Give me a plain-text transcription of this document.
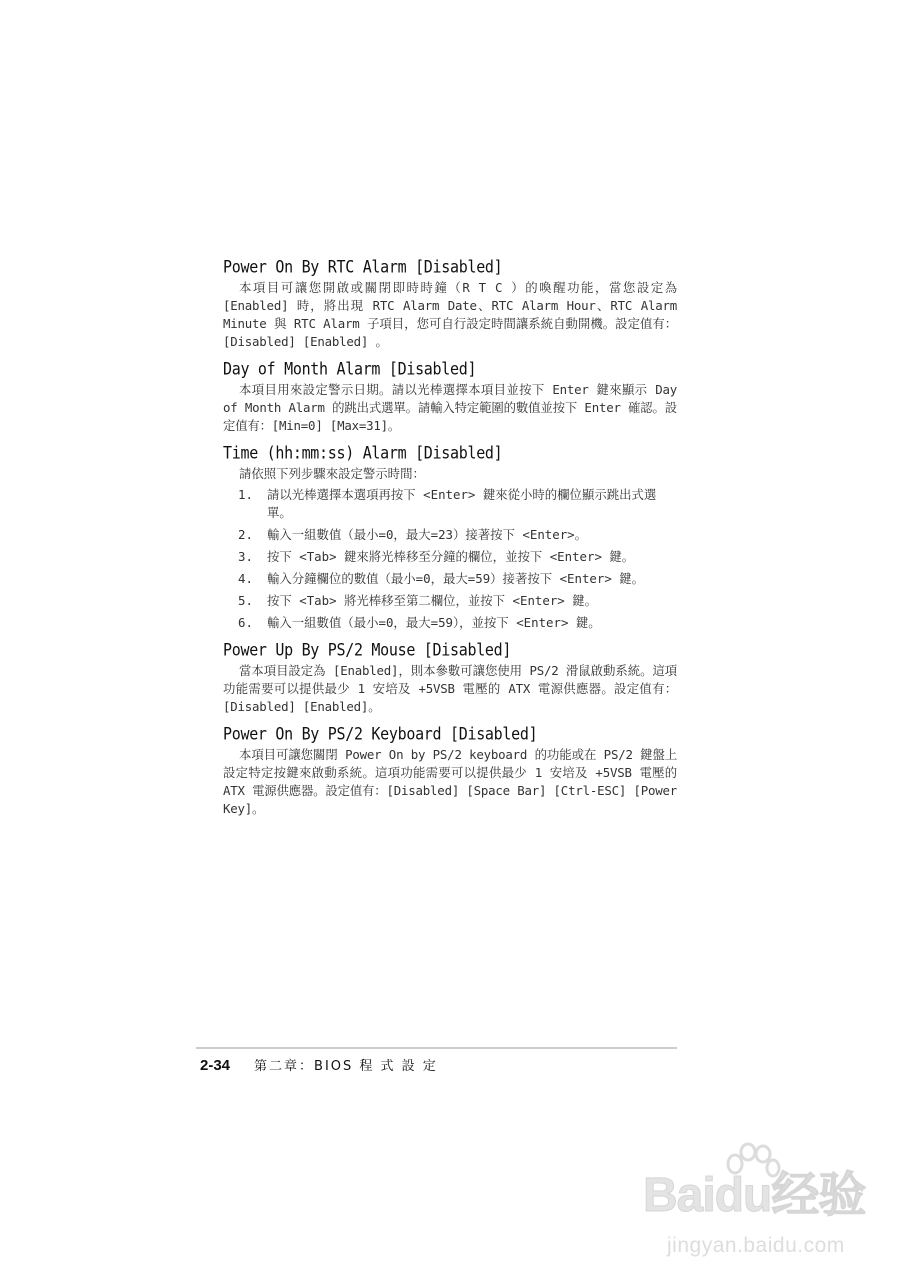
Power On By RTC Alarm [Disabled]

本項目可讓您開啟或關閉即時時鐘（R T C ）的喚醒功能，當您設定為 [Enabled] 時，將出現 RTC Alarm Date、RTC Alarm Hour、RTC Alarm Minute 與 RTC Alarm 子項目，您可自行設定時間讓系統自動開機。設定值有：[Disabled] [Enabled] 。

Day of Month Alarm [Disabled]

本項目用來設定警示日期。請以光棒選擇本項目並按下 Enter 鍵來顯示 Day of Month Alarm 的跳出式選單。請輸入特定範圍的數值並按下 Enter 確認。設定值有：[Min=0] [Max=31]。

Time (hh:mm:ss) Alarm [Disabled]

請依照下列步驟來設定警示時間：

1.	請以光棒選擇本選項再按下 <Enter> 鍵來從小時的欄位顯示跳出式選單。
2.	輸入一組數值（最小=0，最大=23）接著按下 <Enter>。
3.	按下 <Tab> 鍵來將光棒移至分鐘的欄位，並按下 <Enter> 鍵。
4.	輸入分鐘欄位的數值（最小=0，最大=59）接著按下 <Enter> 鍵。
5.	按下 <Tab> 將光棒移至第二欄位，並按下 <Enter> 鍵。
6.	輸入一組數值（最小=0，最大=59），並按下 <Enter> 鍵。
Power Up By PS/2 Mouse [Disabled]

當本項目設定為 [Enabled]，則本參數可讓您使用 PS/2 滑鼠啟動系統。這項功能需要可以提供最少 1 安培及 +5VSB 電壓的 ATX 電源供應器。設定值有：[Disabled] [Enabled]。

Power On By PS/2 Keyboard [Disabled]

本項目可讓您關閉 Power On by PS/2 keyboard 的功能或在 PS/2 鍵盤上設定特定按鍵來啟動系統。這項功能需要可以提供最少 1 安培及 +5VSB 電壓的 ATX 電源供應器。設定值有：[Disabled] [Space Bar] [Ctrl-ESC] [Power Key]。

2-34 第二章：BIOS 程 式 設 定
Baidu经验
jingyan.baidu.com
